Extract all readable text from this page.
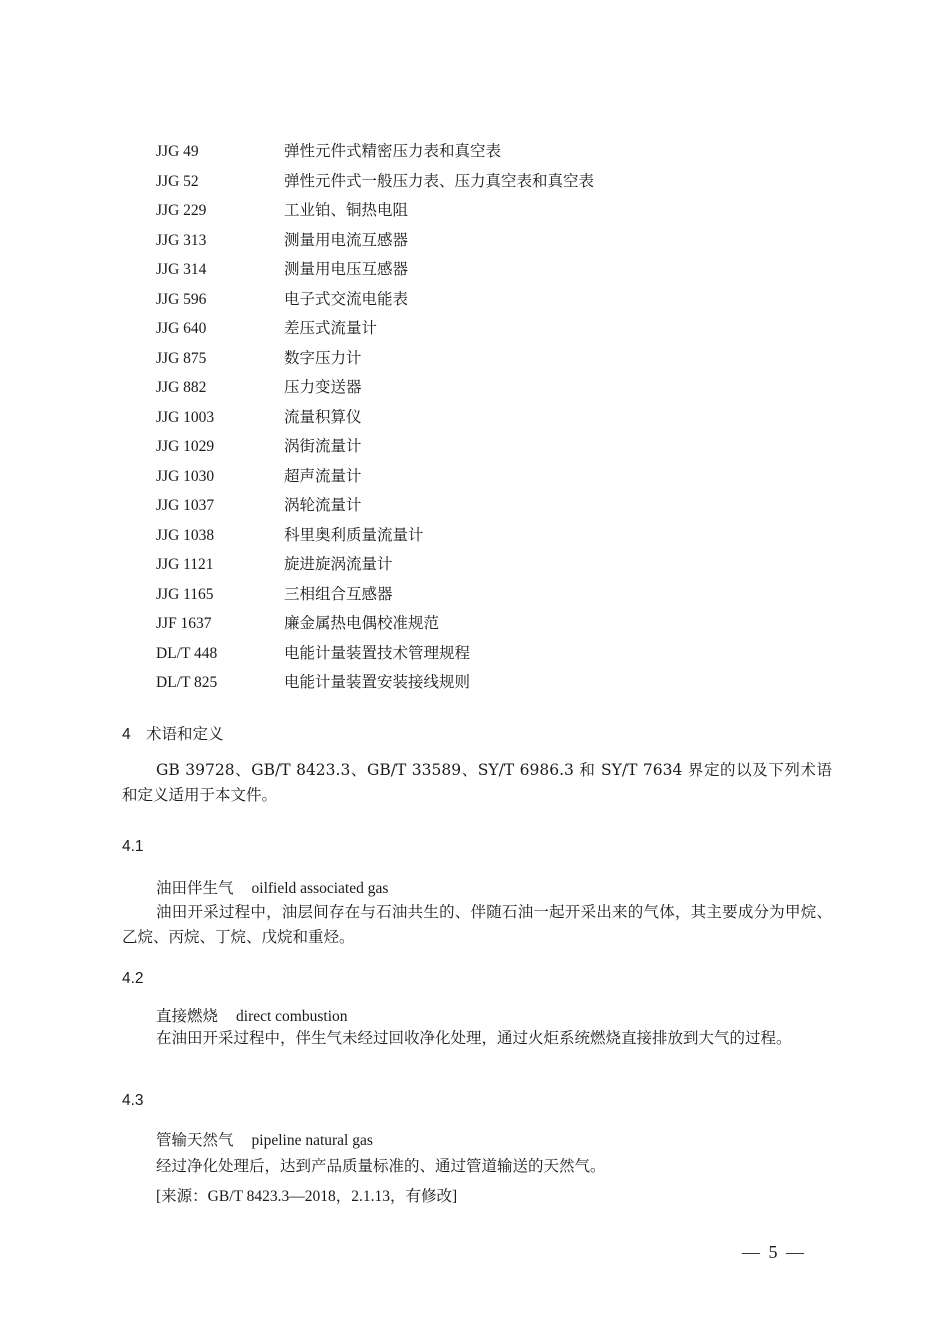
JJG 49	弹性元件式精密压力表和真空表
JJG 52	弹性元件式一般压力表、压力真空表和真空表
JJG 229	工业铂、铜热电阻
JJG 313	测量用电流互感器
JJG 314	测量用电压互感器
JJG 596	电子式交流电能表
JJG 640	差压式流量计
JJG 875	数字压力计
JJG 882	压力变送器
JJG 1003	流量积算仪
JJG 1029	涡街流量计
JJG 1030	超声流量计
JJG 1037	涡轮流量计
JJG 1038	科里奥利质量流量计
JJG 1121	旋进旋涡流量计
JJG 1165	三相组合互感器
JJF 1637	廉金属热电偶校准规范
DL/T 448	电能计量装置技术管理规程
DL/T 825	电能计量装置安装接线规则
4 术语和定义

GB 39728、GB/T 8423.3、GB/T 33589、SY/T 6986.3 和 SY/T 7634 界定的以及下列术语和定义适用于本文件。

4.1
油田伴生气 oilfield associated gas

油田开采过程中，油层间存在与石油共生的、伴随石油一起开采出来的气体，其主要成分为甲烷、乙烷、丙烷、丁烷、戊烷和重烃。

4.2
直接燃烧 direct combustion

在油田开采过程中，伴生气未经过回收净化处理，通过火炬系统燃烧直接排放到大气的过程。

4.3
管输天然气 pipeline natural gas
经过净化处理后，达到产品质量标准的、通过管道输送的天然气。
[来源：GB/T 8423.3—2018，2.1.13，有修改]
— 5 —
